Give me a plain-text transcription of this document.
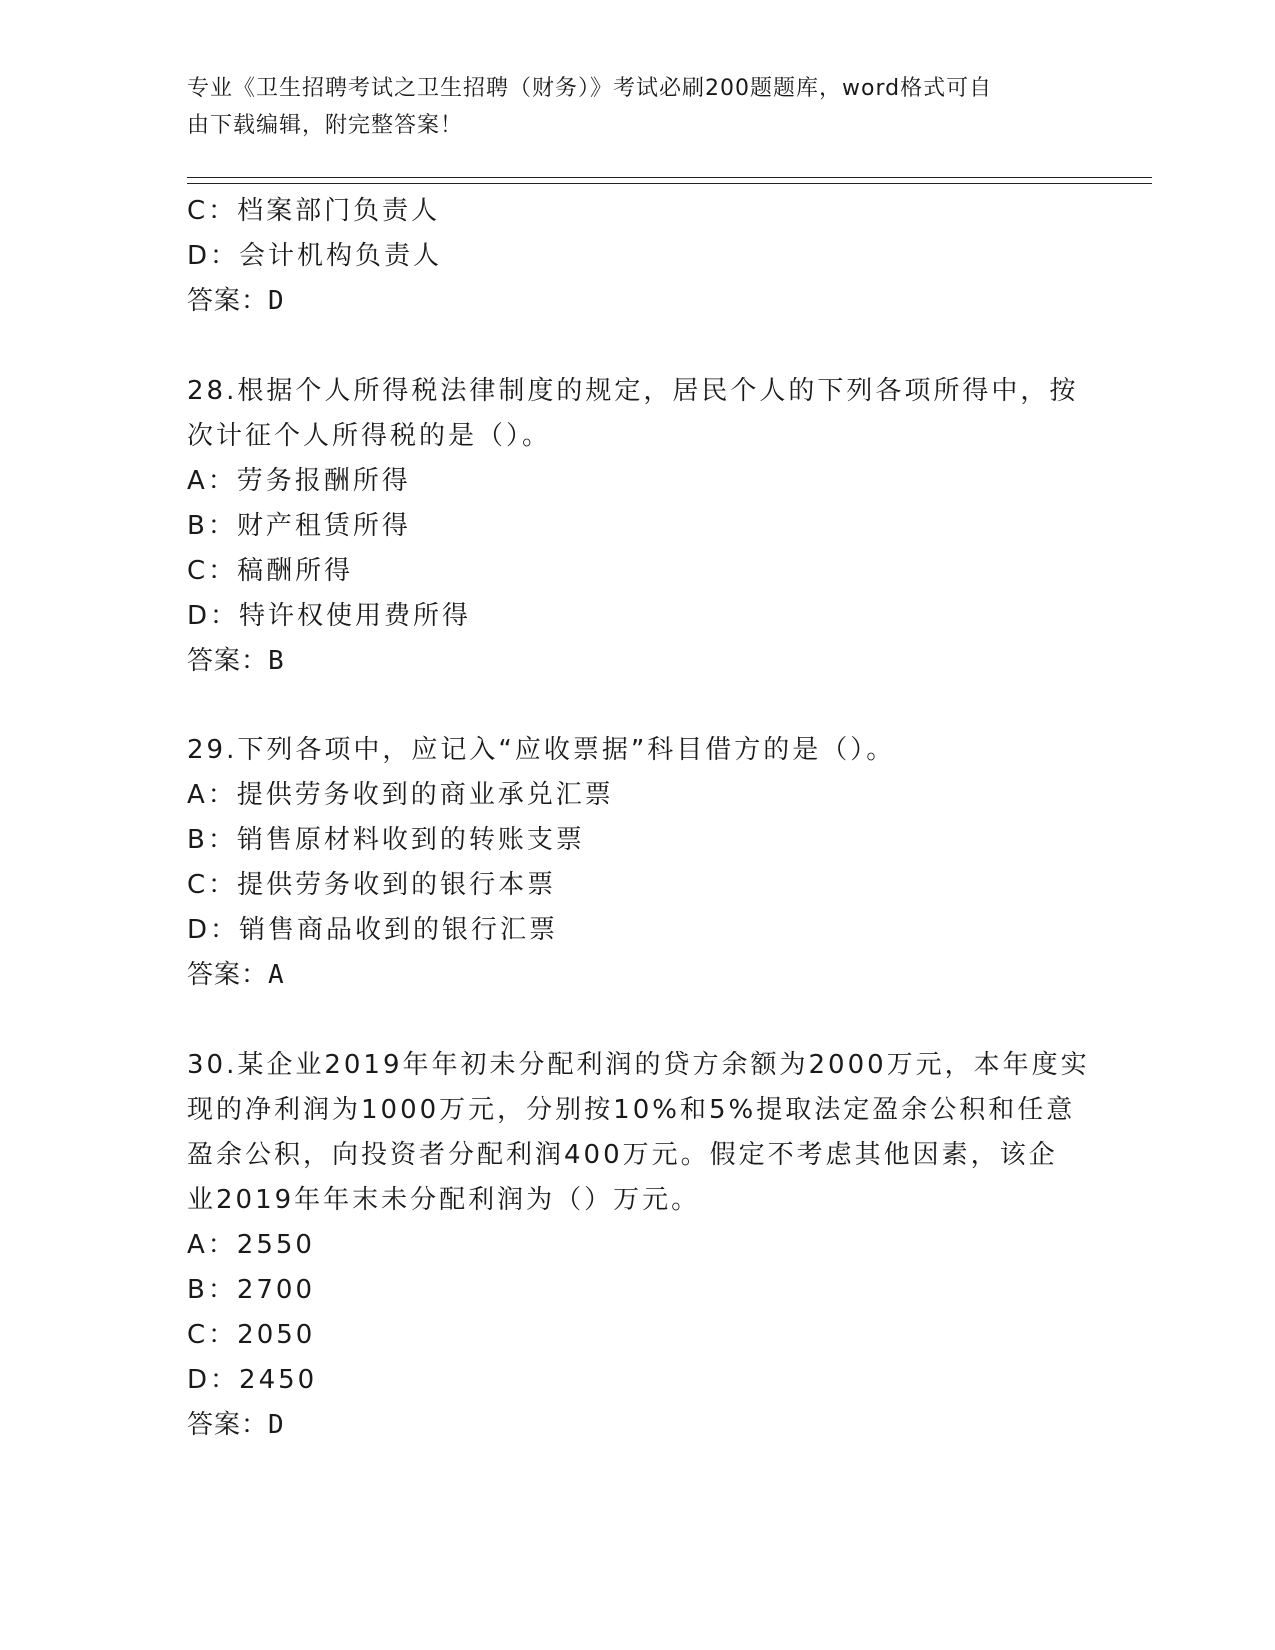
专业《卫生招聘考试之卫生招聘（财务）》考试必刷200题题库，word格式可自
由下载编辑，附完整答案！
C：档案部门负责人
D：会计机构负责人
答案：D
28.根据个人所得税法律制度的规定，居民个人的下列各项所得中，按
次计征个人所得税的是（）。
A：劳务报酬所得
B：财产租赁所得
C：稿酬所得
D：特许权使用费所得
答案：B
29.下列各项中，应记入“应收票据”科目借方的是（）。
A：提供劳务收到的商业承兑汇票
B：销售原材料收到的转账支票
C：提供劳务收到的银行本票
D：销售商品收到的银行汇票
答案：A
30.某企业2019年年初未分配利润的贷方余额为2000万元，本年度实
现的净利润为1000万元，分别按10%和5%提取法定盈余公积和任意
盈余公积，向投资者分配利润400万元。假定不考虑其他因素，该企
业2019年年末未分配利润为（）万元。
A：2550
B：2700
C：2050
D：2450
答案：D
